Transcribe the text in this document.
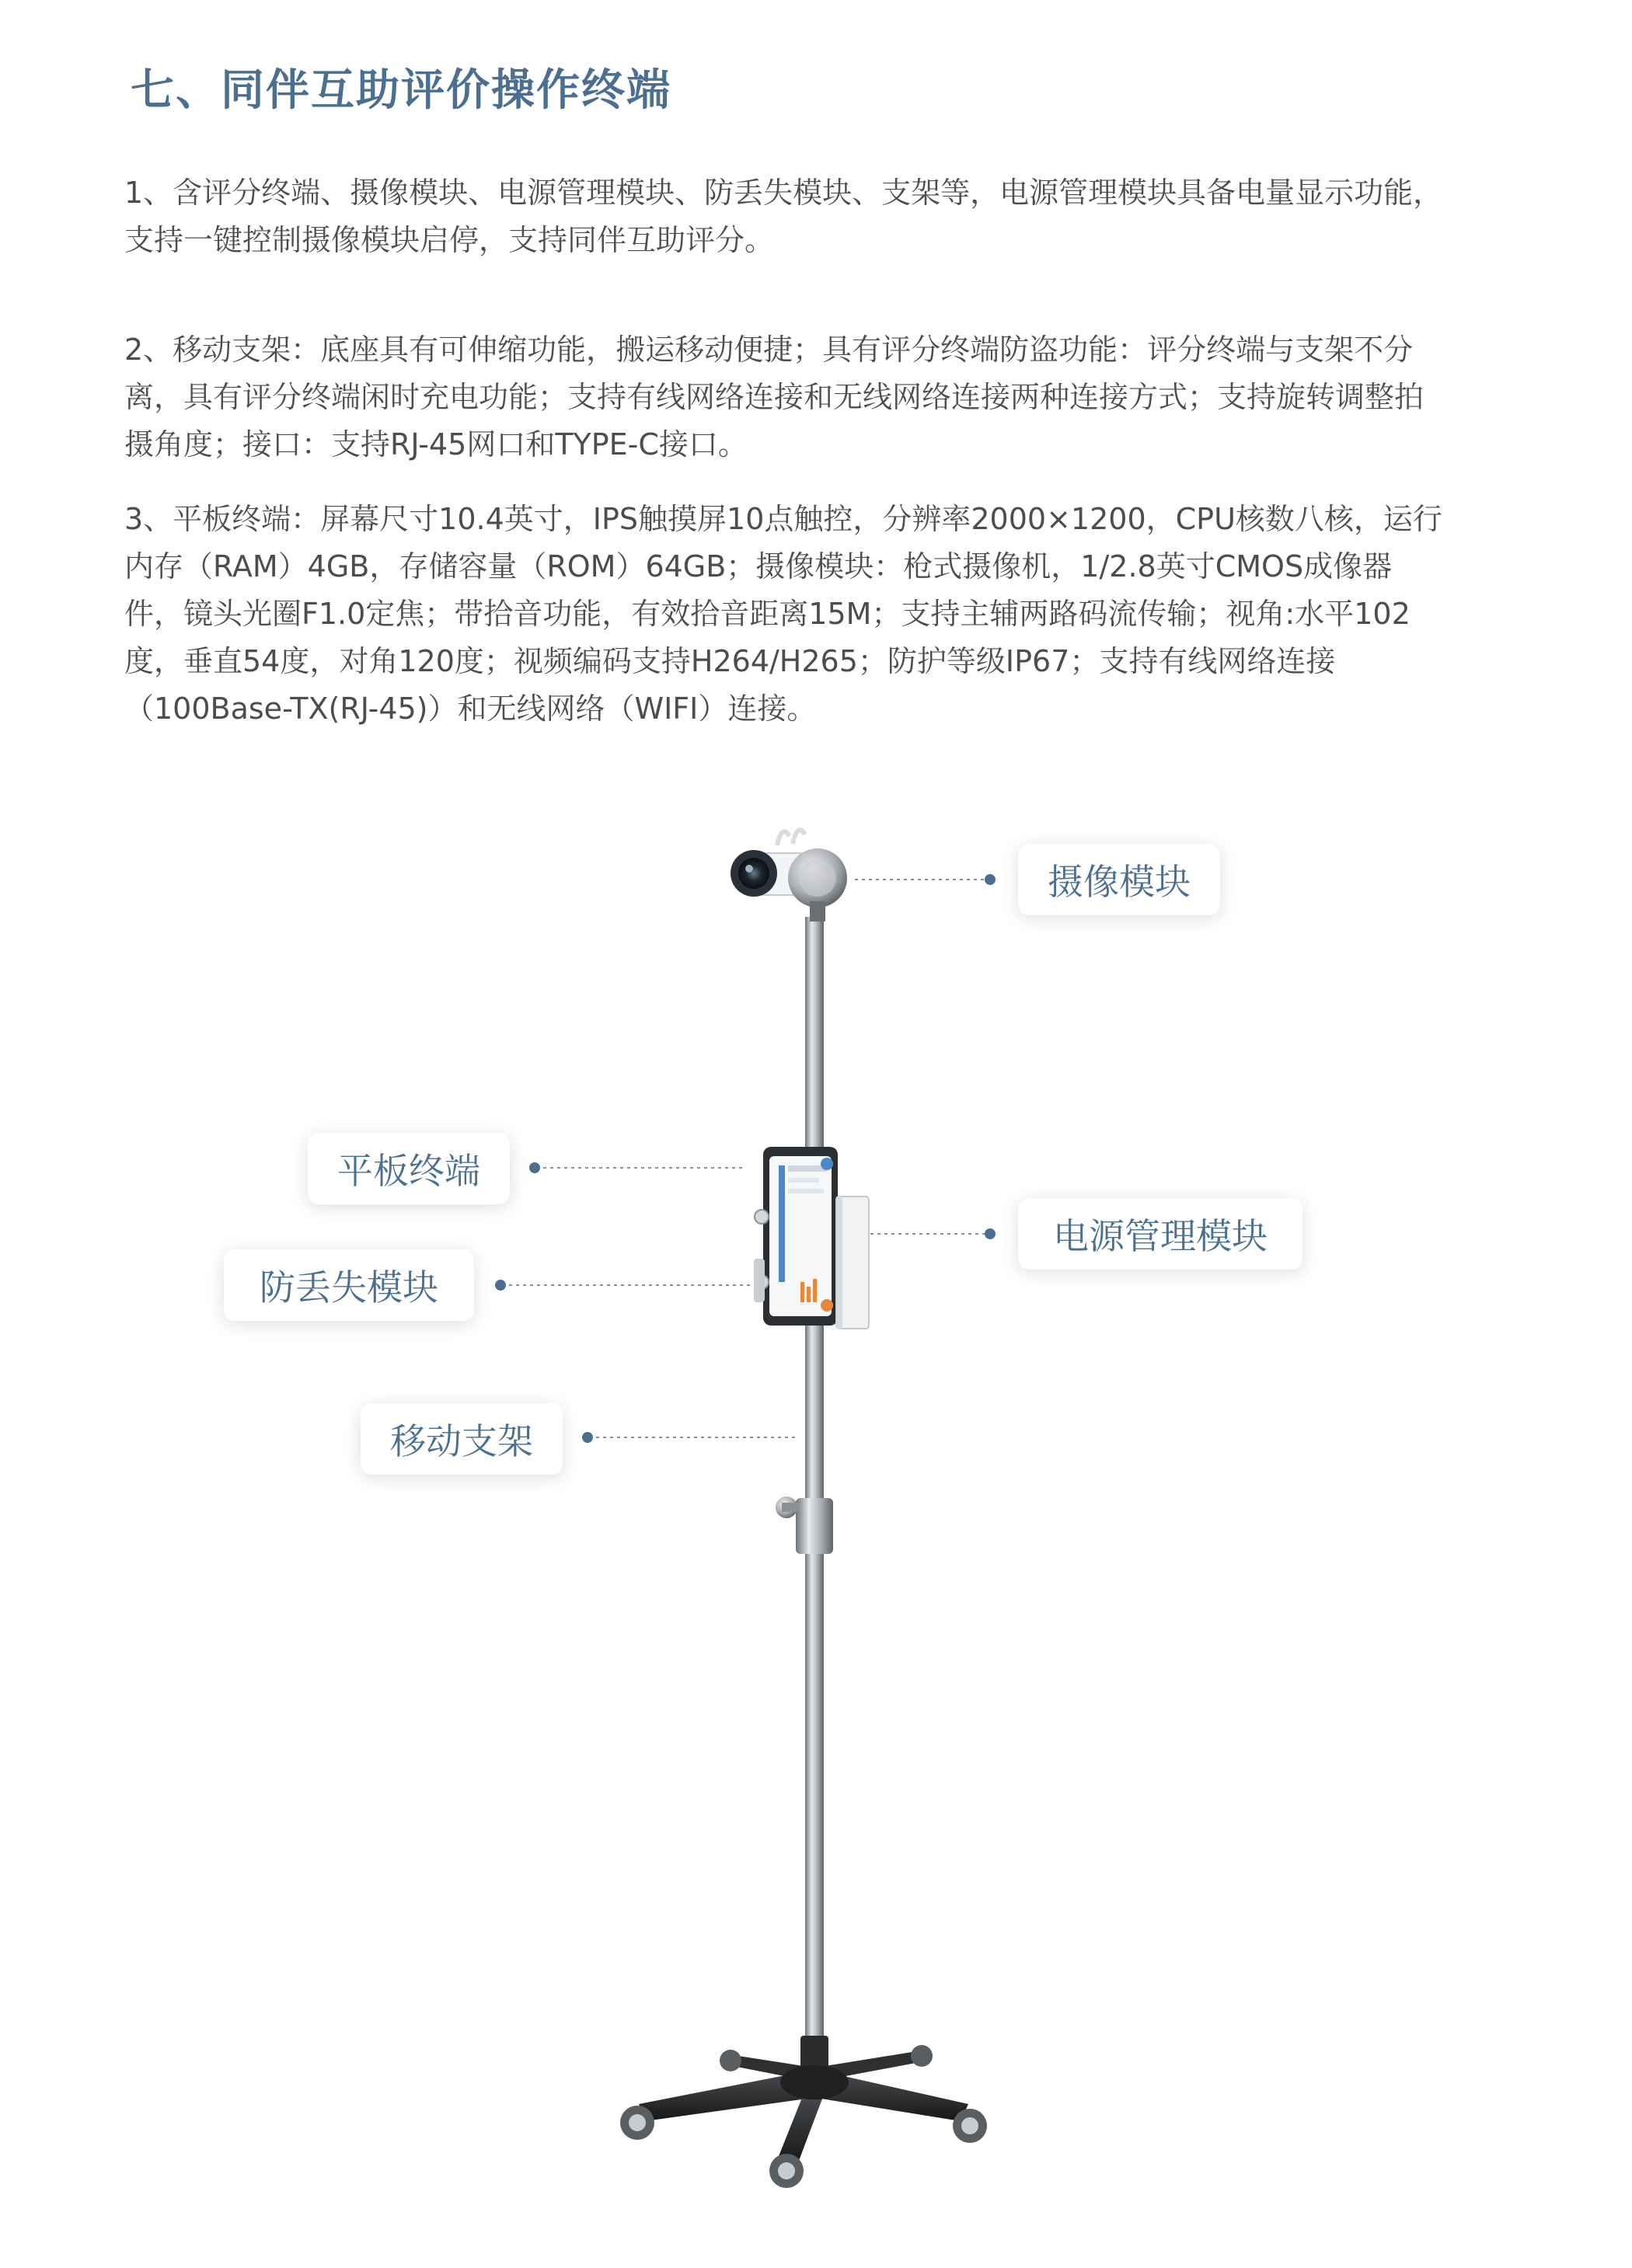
七、同伴互助评价操作终端

1、含评分终端、摄像模块、电源管理模块、防丢失模块、支架等，电源管理模块具备电量显示功能，支持一键控制摄像模块启停，支持同伴互助评分。

2、移动支架：底座具有可伸缩功能，搬运移动便捷；具有评分终端防盗功能：评分终端与支架不分离，具有评分终端闲时充电功能；支持有线网络连接和无线网络连接两种连接方式；支持旋转调整拍摄角度；接口：支持RJ-45网口和TYPE-C接口。

3、平板终端：屏幕尺寸10.4英寸，IPS触摸屏10点触控，分辨率2000×1200，CPU核数八核，运行内存（RAM）4GB，存储容量（ROM）64GB；摄像模块：枪式摄像机，1/2.8英寸CMOS成像器件，镜头光圈F1.0定焦；带拾音功能，有效拾音距离15M；支持主辅两路码流传输；视角:水平102度，垂直54度，对角120度；视频编码支持H264/H265；防护等级IP67；支持有线网络连接（100Base-TX(RJ-45)）和无线网络（WIFI）连接。

摄像模块
平板终端
防丢失模块
电源管理模块
移动支架
